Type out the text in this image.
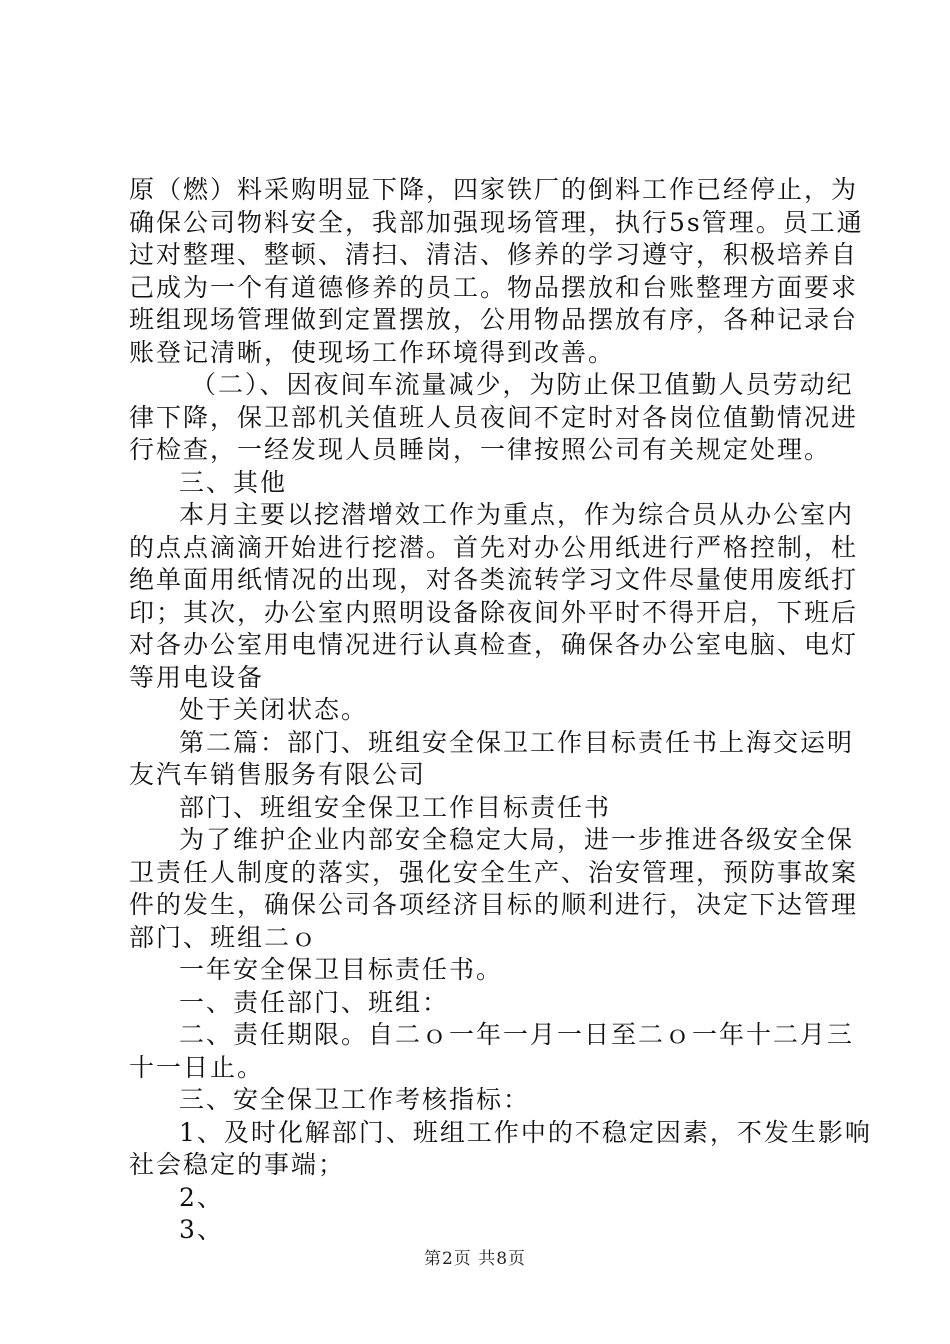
原（燃）料采购明显下降，四家铁厂的倒料工作已经停止，为
确保公司物料安全，我部加强现场管理，执行5s管理。员工通
过对整理、整顿、清扫、清洁、修养的学习遵守，积极培养自
己成为一个有道德修养的员工。物品摆放和台账整理方面要求
班组现场管理做到定置摆放，公用物品摆放有序，各种记录台
账登记清晰，使现场工作环境得到改善。
（二）、因夜间车流量减少，为防止保卫值勤人员劳动纪
律下降，保卫部机关值班人员夜间不定时对各岗位值勤情况进
行检查，一经发现人员睡岗，一律按照公司有关规定处理。
三、其他
本月主要以挖潜增效工作为重点，作为综合员从办公室内
的点点滴滴开始进行挖潜。首先对办公用纸进行严格控制，杜
绝单面用纸情况的出现，对各类流转学习文件尽量使用废纸打
印；其次，办公室内照明设备除夜间外平时不得开启，下班后
对各办公室用电情况进行认真检查，确保各办公室电脑、电灯
等用电设备
处于关闭状态。
第二篇：部门、班组安全保卫工作目标责任书上海交运明
友汽车销售服务有限公司
部门、班组安全保卫工作目标责任书
为了维护企业内部安全稳定大局，进一步推进各级安全保
卫责任人制度的落实，强化安全生产、治安管理，预防事故案
件的发生，确保公司各项经济目标的顺利进行，决定下达管理
部门、班组二ｏ
一年安全保卫目标责任书。
一、责任部门、班组：
二、责任期限。自二ｏ一年一月一日至二ｏ一年十二月三
十一日止。
三、安全保卫工作考核指标：
1、及时化解部门、班组工作中的不稳定因素，不发生影响
社会稳定的事端；
2、
3、
第2页 共8页
